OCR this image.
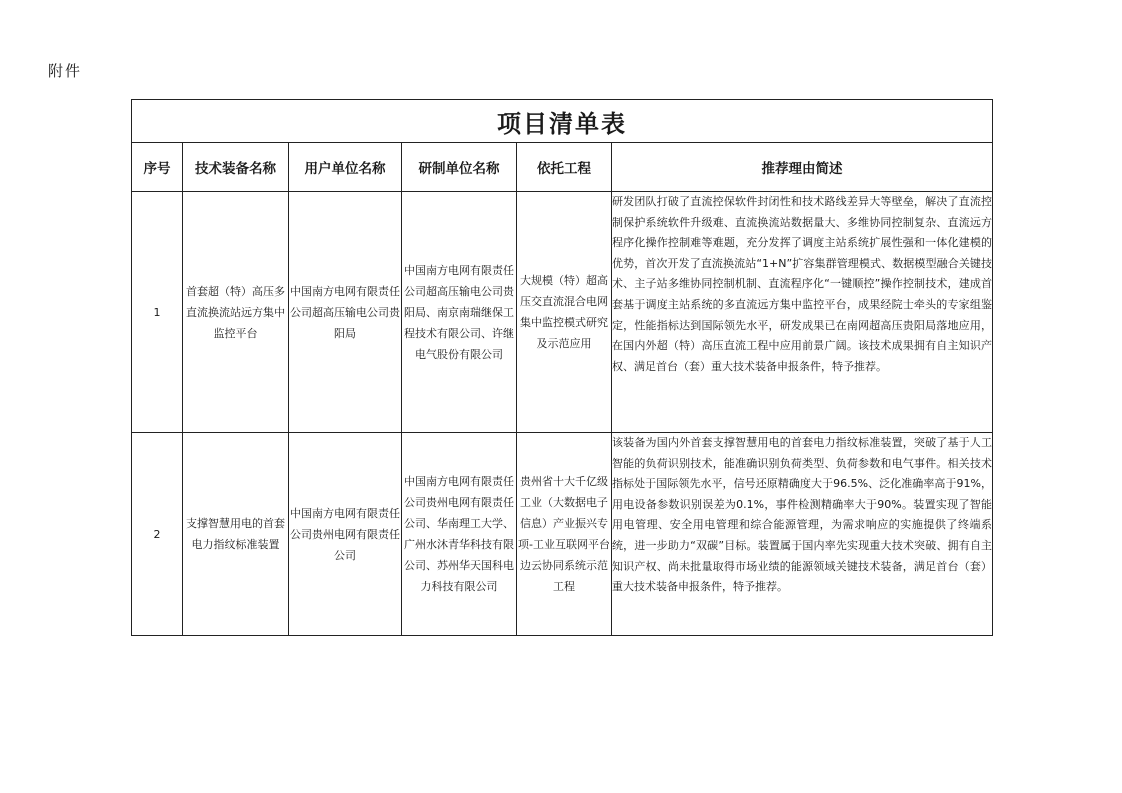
附件
项目清单表					
序号	技术装备名称	用户单位名称	研制单位名称	依托工程	推荐理由简述
1	首套超（特）高压多直流换流站远方集中监控平台	中国南方电网有限责任公司超高压输电公司贵阳局	中国南方电网有限责任公司超高压输电公司贵阳局、南京南瑞继保工程技术有限公司、许继电气股份有限公司	大规模（特）超高压交直流混合电网集中监控模式研究及示范应用	研发团队打破了直流控保软件封闭性和技术路线差异大等壁垒，解决了直流控制保护系统软件升级难、直流换流站数据量大、多维协同控制复杂、直流远方程序化操作控制难等难题，充分发挥了调度主站系统扩展性强和一体化建模的优势，首次开发了直流换流站“1+N”扩容集群管理模式、数据模型融合关键技术、主子站多维协同控制机制、直流程序化“一键顺控”操作控制技术，建成首套基于调度主站系统的多直流远方集中监控平台，成果经院士牵头的专家组鉴定，性能指标达到国际领先水平，研发成果已在南网超高压贵阳局落地应用，在国内外超（特）高压直流工程中应用前景广阔。该技术成果拥有自主知识产权、满足首台（套）重大技术装备申报条件，特予推荐。
2	支撑智慧用电的首套电力指纹标准装置	中国南方电网有限责任公司贵州电网有限责任公司	中国南方电网有限责任公司贵州电网有限责任公司、华南理工大学、广州水沐青华科技有限公司、苏州华天国科电力科技有限公司	贵州省十大千亿级工业（大数据电子信息）产业振兴专项-工业互联网平台边云协同系统示范工程	该装备为国内外首套支撑智慧用电的首套电力指纹标准装置，突破了基于人工智能的负荷识别技术，能准确识别负荷类型、负荷参数和电气事件。相关技术指标处于国际领先水平，信号还原精确度大于96.5%、泛化准确率高于91%，用电设备参数识别误差为0.1%，事件检测精确率大于90%。装置实现了智能用电管理、安全用电管理和综合能源管理，为需求响应的实施提供了终端系统，进一步助力“双碳”目标。装置属于国内率先实现重大技术突破、拥有自主知识产权、尚未批量取得市场业绩的能源领域关键技术装备，满足首台（套）重大技术装备申报条件，特予推荐。
